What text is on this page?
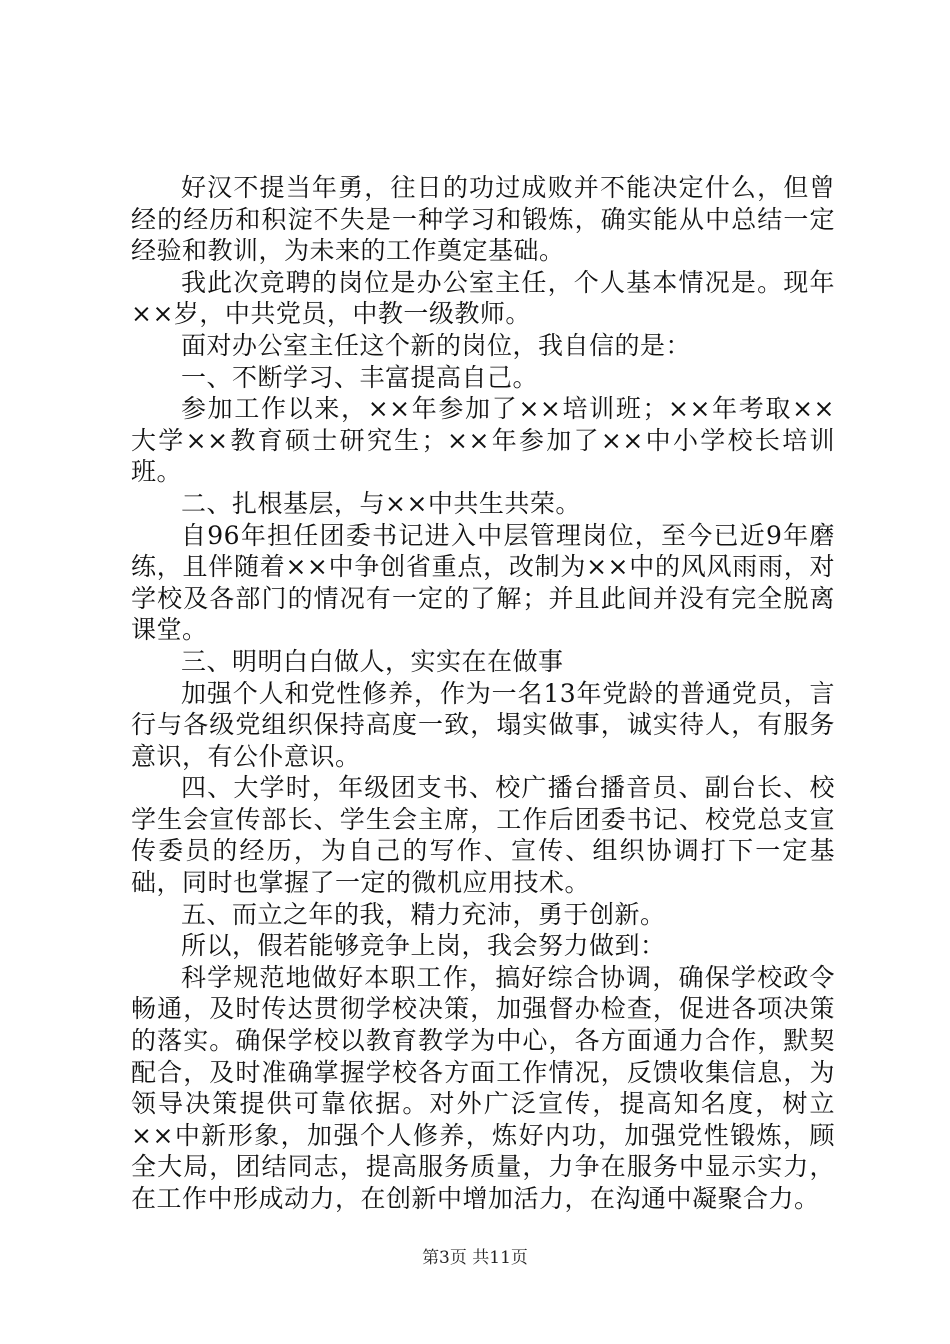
好汉不提当年勇，往日的功过成败并不能决定什么，但曾经的经历和积淀不失是一种学习和锻炼，确实能从中总结一定经验和教训，为未来的工作奠定基础。

我此次竞聘的岗位是办公室主任，个人基本情况是。现年××岁，中共党员，中教一级教师。

面对办公室主任这个新的岗位，我自信的是：

一、不断学习、丰富提高自己。

参加工作以来，××年参加了××培训班；××年考取××大学××教育硕士研究生；××年参加了××中小学校长培训班。

二、扎根基层，与××中共生共荣。

自96年担任团委书记进入中层管理岗位，至今已近9年磨练，且伴随着××中争创省重点，改制为××中的风风雨雨，对学校及各部门的情况有一定的了解；并且此间并没有完全脱离课堂。

三、明明白白做人，实实在在做事

加强个人和党性修养，作为一名13年党龄的普通党员，言行与各级党组织保持高度一致，塌实做事，诚实待人，有服务意识，有公仆意识。

四、大学时，年级团支书、校广播台播音员、副台长、校学生会宣传部长、学生会主席，工作后团委书记、校党总支宣传委员的经历，为自己的写作、宣传、组织协调打下一定基础，同时也掌握了一定的微机应用技术。

五、而立之年的我，精力充沛，勇于创新。

所以，假若能够竞争上岗，我会努力做到：

科学规范地做好本职工作，搞好综合协调，确保学校政令畅通，及时传达贯彻学校决策，加强督办检查，促进各项决策的落实。确保学校以教育教学为中心，各方面通力合作，默契配合，及时准确掌握学校各方面工作情况，反馈收集信息，为领导决策提供可靠依据。对外广泛宣传，提高知名度，树立××中新形象，加强个人修养，炼好内功，加强党性锻炼，顾全大局，团结同志，提高服务质量，力争在服务中显示实力，在工作中形成动力，在创新中增加活力，在沟通中凝聚合力。

第3页 共11页
